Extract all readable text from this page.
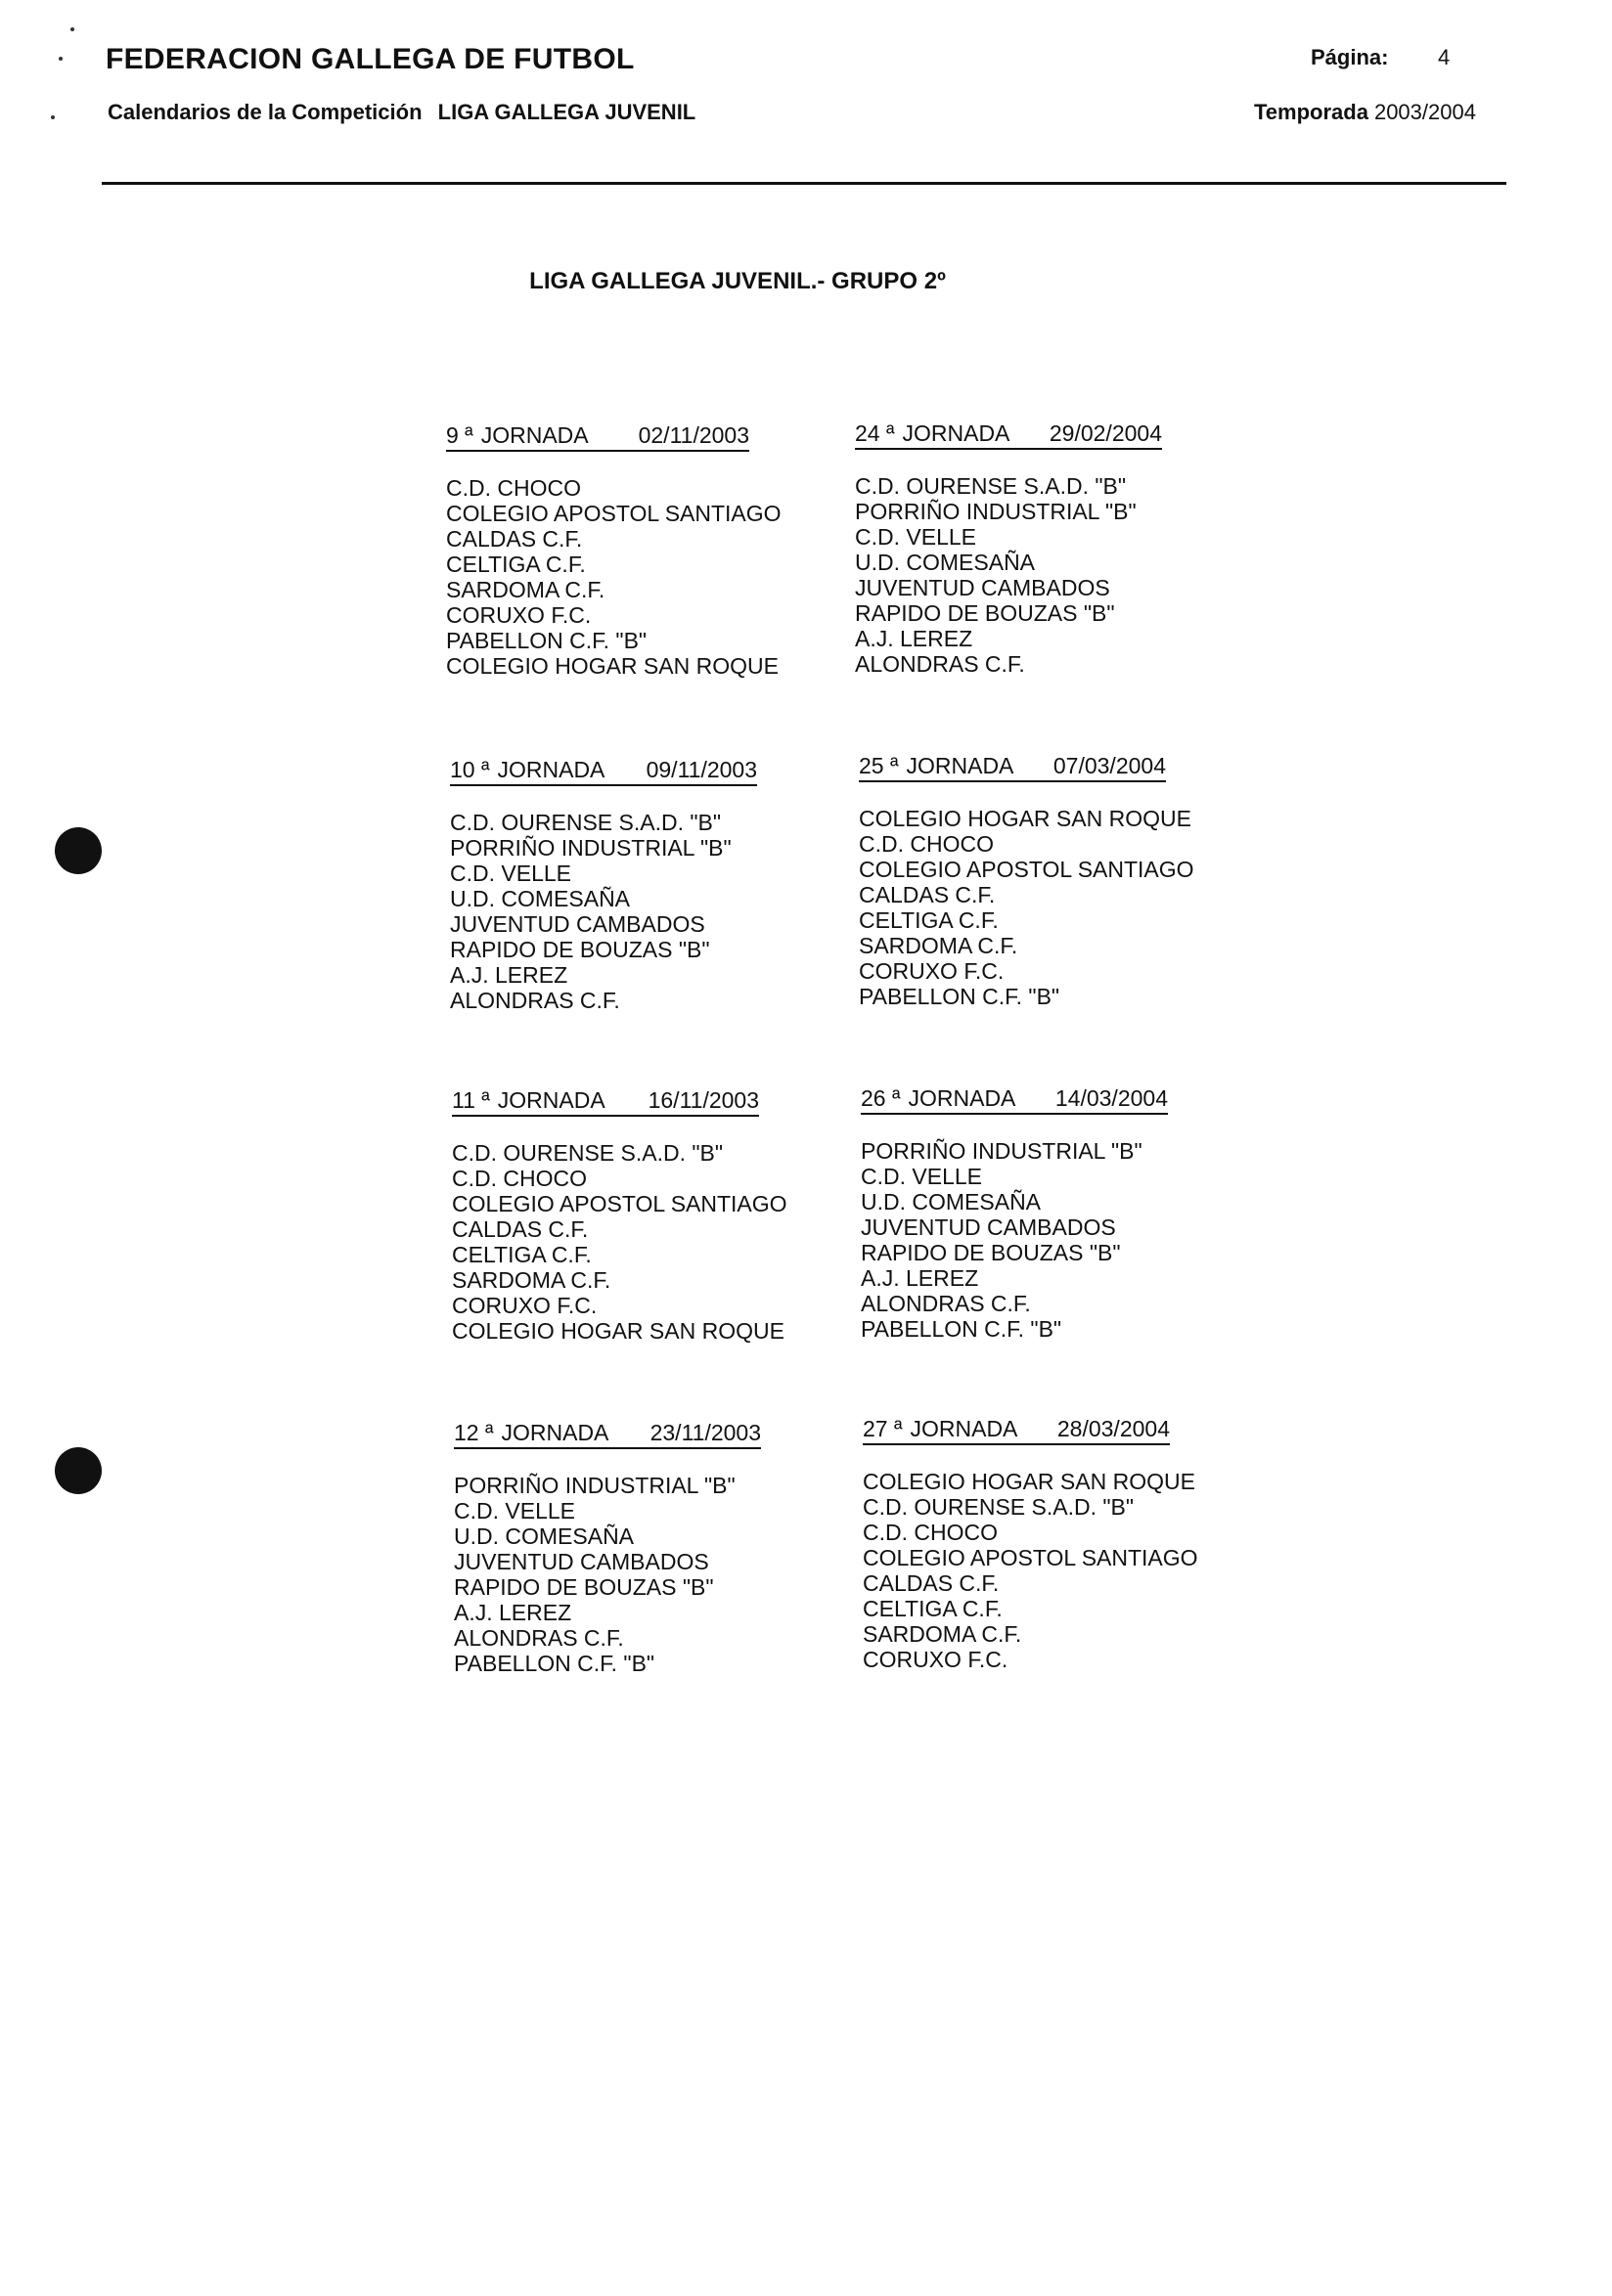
FEDERACION GALLEGA DE FUTBOL
Calendarios de la Competición LIGA GALLEGA JUVENIL
Página: 4
Temporada 2003/2004
LIGA GALLEGA JUVENIL.- GRUPO 2º
9 ª JORNADA 02/11/2003
C.D. CHOCO
COLEGIO APOSTOL SANTIAGO
CALDAS C.F.
CELTIGA C.F.
SARDOMA C.F.
CORUXO F.C.
PABELLON C.F. "B"
COLEGIO HOGAR SAN ROQUE
24 ª JORNADA 29/02/2004
C.D. OURENSE S.A.D. "B"
PORRIÑO INDUSTRIAL "B"
C.D. VELLE
U.D. COMESAÑA
JUVENTUD CAMBADOS
RAPIDO DE BOUZAS "B"
A.J. LEREZ
ALONDRAS C.F.
10 ª JORNADA 09/11/2003
C.D. OURENSE S.A.D. "B"
PORRIÑO INDUSTRIAL "B"
C.D. VELLE
U.D. COMESAÑA
JUVENTUD CAMBADOS
RAPIDO DE BOUZAS "B"
A.J. LEREZ
ALONDRAS C.F.
25 ª JORNADA 07/03/2004
COLEGIO HOGAR SAN ROQUE
C.D. CHOCO
COLEGIO APOSTOL SANTIAGO
CALDAS C.F.
CELTIGA C.F.
SARDOMA C.F.
CORUXO F.C.
PABELLON C.F. "B"
11 ª JORNADA 16/11/2003
C.D. OURENSE S.A.D. "B"
C.D. CHOCO
COLEGIO APOSTOL SANTIAGO
CALDAS C.F.
CELTIGA C.F.
SARDOMA C.F.
CORUXO F.C.
COLEGIO HOGAR SAN ROQUE
26 ª JORNADA 14/03/2004
PORRIÑO INDUSTRIAL "B"
C.D. VELLE
U.D. COMESAÑA
JUVENTUD CAMBADOS
RAPIDO DE BOUZAS "B"
A.J. LEREZ
ALONDRAS C.F.
PABELLON C.F. "B"
12 ª JORNADA 23/11/2003
PORRIÑO INDUSTRIAL "B"
C.D. VELLE
U.D. COMESAÑA
JUVENTUD CAMBADOS
RAPIDO DE BOUZAS "B"
A.J. LEREZ
ALONDRAS C.F.
PABELLON C.F. "B"
27 ª JORNADA 28/03/2004
COLEGIO HOGAR SAN ROQUE
C.D. OURENSE S.A.D. "B"
C.D. CHOCO
COLEGIO APOSTOL SANTIAGO
CALDAS C.F.
CELTIGA C.F.
SARDOMA C.F.
CORUXO F.C.
